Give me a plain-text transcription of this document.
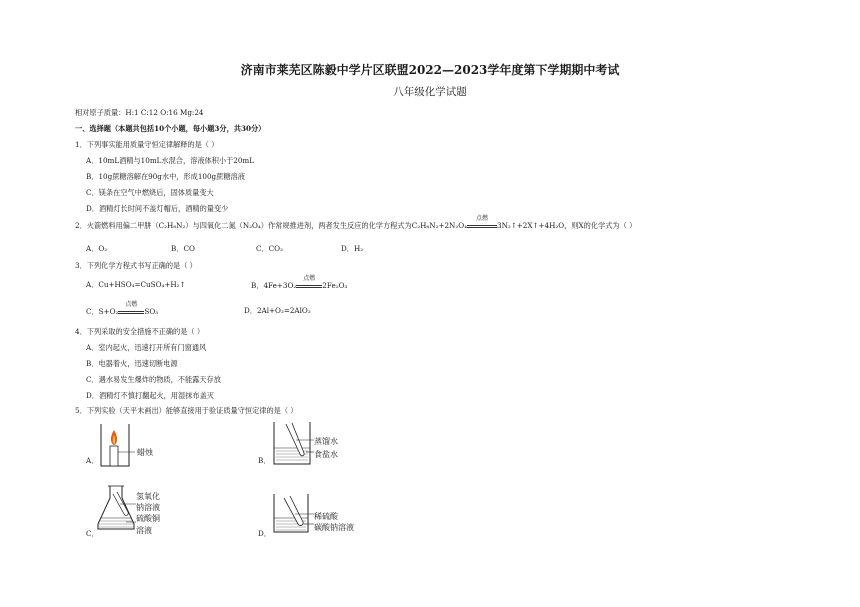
济南市莱芜区陈毅中学片区联盟2022—2023学年度第下学期期中考试
八年级化学试题
相对原子质量：H:1 C:12 O:16 Mg:24
一、选择题（本题共包括10个小题，每小题3分，共30分）
1．下列事实能用质量守恒定律解释的是（ ）
A．10mL酒精与10mL水混合，溶液体积小于20mL
B．10g蔗糖溶解在90g水中，形成100g蔗糖溶液
C．镁条在空气中燃烧后，固体质量变大
D．酒精灯长时间不盖灯帽后，酒精的量变少
2．火箭燃料用偏二甲肼（C₂H₈N₂）与四氧化二氮（N₂O₄）作常规推进剂，两者发生反应的化学方程式为C₂H₈N₂+2N₂O₄
点燃
3N₂↑+2X↑+4H₂O，则X的化学式为（ ）
A．O₂	B．CO	C．CO₂	D．H₂
3．下列化学方程式书写正确的是（ ）
A．Cu+HSO₄=CuSO₄+H₂↑	B．4Fe+3O₂
点燃
2Fe₂O₃
C．S+O₂
点燃
SO₃	D．2Al+O₂=2AlO₂
4．下列采取的安全措施不正确的是（ ）
A．室内起火，迅速打开所有门窗通风
B．电器着火，迅速切断电源
C．遇水易发生爆炸的物质，不能露天存放
D．酒精灯不慎打翻起火，用湿抹布盖灭
5．下列实验（天平未画出）能够直接用于验证质量守恒定律的是（ ）
A．	B．
C．	D．
蜡烛
蒸馏水
食盐水
氢氧化
钠溶液
硫酸铜
溶液
稀硫酸
碳酸钠溶液
